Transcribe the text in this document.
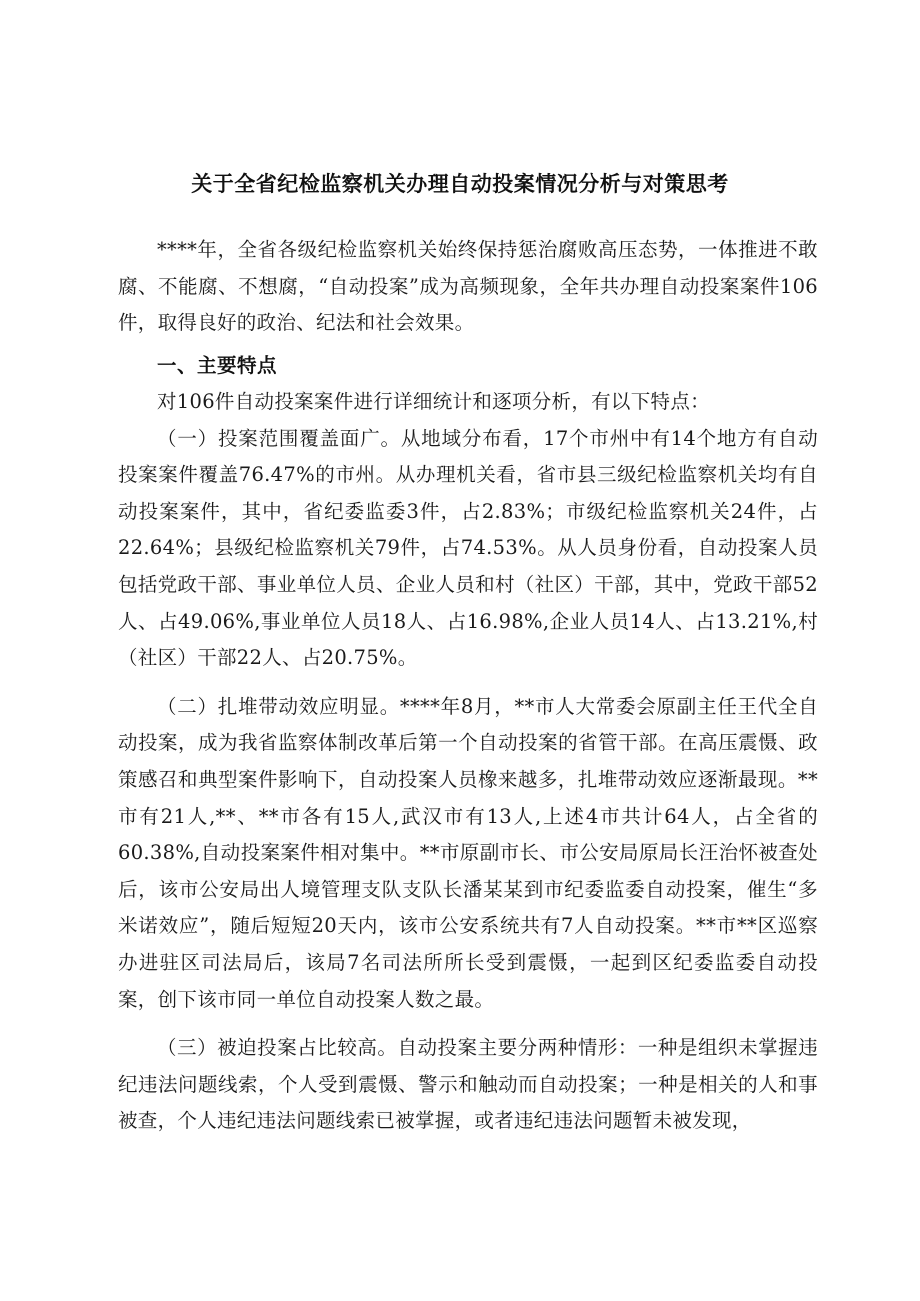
关于全省纪检监察机关办理自动投案情况分析与对策思考

****年，全省各级纪检监察机关始终保持惩治腐败高压态势，一体推进不敢腐、不能腐、不想腐，“自动投案”成为高频现象，全年共办理自动投案案件106件，取得良好的政治、纪法和社会效果。

一、主要特点

对106件自动投案案件进行详细统计和逐项分析，有以下特点：

（一）投案范围覆盖面广。从地域分布看，17个市州中有14个地方有自动投案案件覆盖76.47%的市州。从办理机关看，省市县三级纪检监察机关均有自动投案案件，其中，省纪委监委3件，占2.83%；市级纪检监察机关24件，占22.64%；县级纪检监察机关79件，占74.53%。从人员身份看，自动投案人员包括党政干部、事业单位人员、企业人员和村（社区）干部，其中，党政干部52人、占49.06%,事业单位人员18人、占16.98%,企业人员14人、占13.21%,村（社区）干部22人、占20.75%。

（二）扎堆带动效应明显。****年8月，**市人大常委会原副主任王代全自动投案，成为我省监察体制改革后第一个自动投案的省管干部。在高压震慑、政策感召和典型案件影响下，自动投案人员橡来越多，扎堆带动效应逐渐最现。**市有21人,**、**市各有15人,武汉市有13人,上述4市共计64人，占全省的60.38%,自动投案案件相对集中。**市原副市长、市公安局原局长汪治怀被查处后，该市公安局出人境管理支队支队长潘某某到市纪委监委自动投案，催生“多米诺效应”，随后短短20天内，该市公安系统共有7人自动投案。**市**区巡察办进驻区司法局后，该局7名司法所所长受到震慑，一起到区纪委监委自动投案，创下该市同一单位自动投案人数之最。

（三）被迫投案占比较高。自动投案主要分两种情形：一种是组织未掌握违纪违法问题线索，个人受到震慑、警示和触动而自动投案；一种是相关的人和事被查，个人违纪违法问题线索已被掌握，或者违纪违法问题暂未被发现，
